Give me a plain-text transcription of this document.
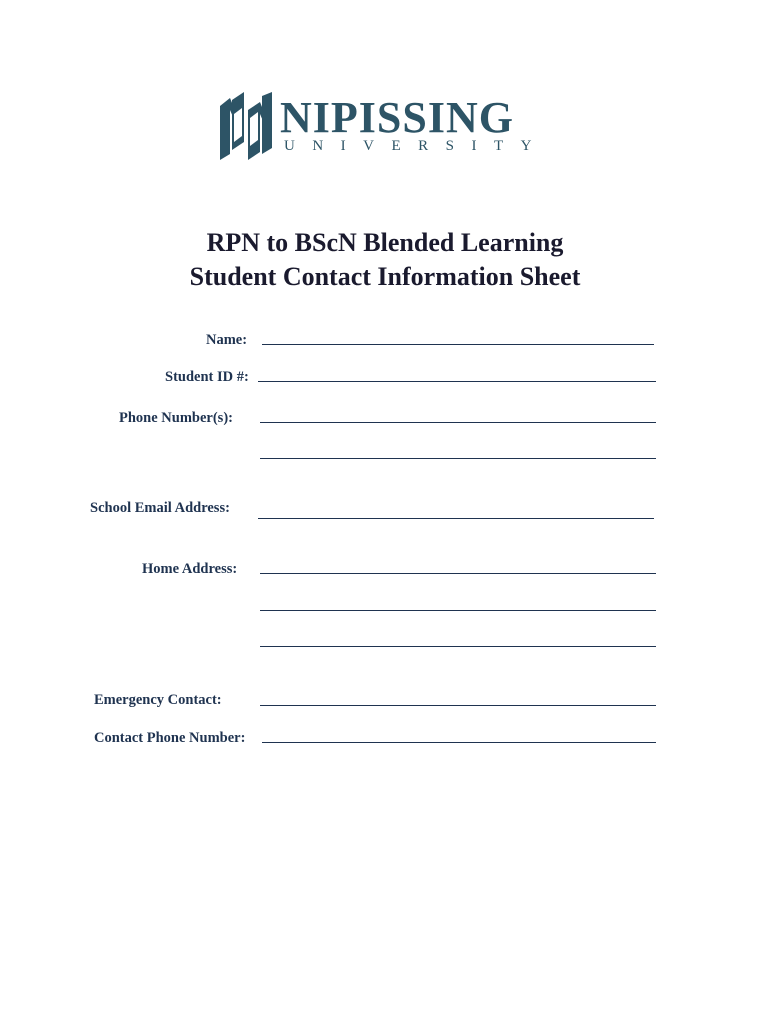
NIPISSING
UNIVERSITY
RPN to BScN Blended Learning
Student Contact Information Sheet
Name:
Student ID #:
Phone Number(s):
School Email Address:
Home Address:
Emergency Contact:
Contact Phone Number:
